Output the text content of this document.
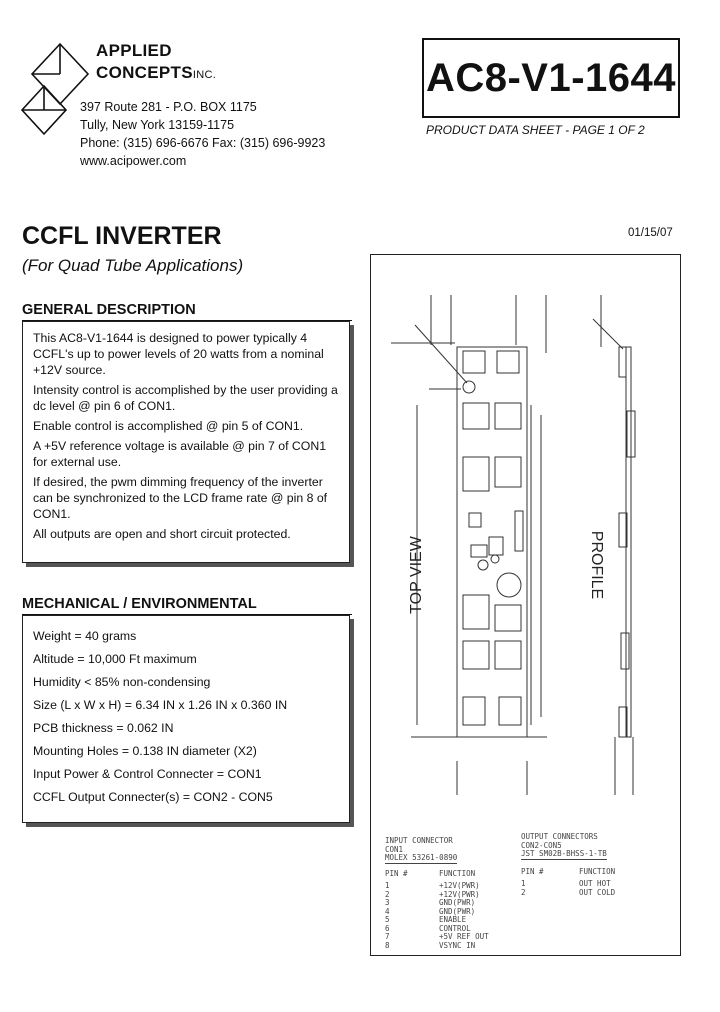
APPLIED
CONCEPTSINC.
397 Route 281 - P.O. BOX 1175
Tully, New York 13159-1175
Phone: (315) 696-6676 Fax: (315) 696-9923
www.acipower.com
AC8-V1-1644
PRODUCT DATA SHEET - PAGE 1 OF 2
CCFL INVERTER
(For Quad Tube Applications)
01/15/07
GENERAL DESCRIPTION

This AC8-V1-1644 is designed to power typically 4 CCFL's up to power levels of 20 watts from a nominal +12V source.

Intensity control is accomplished by the user providing a dc level @ pin 6 of CON1.

Enable control is accomplished @ pin 5 of CON1.

A +5V reference voltage is available @ pin 7 of CON1 for external use.

If desired, the pwm dimming frequency of the inverter can be synchronized to the LCD frame rate @ pin 8 of CON1.

All outputs are open and short circuit protected.

MECHANICAL / ENVIRONMENTAL
Weight = 40 grams
Altitude = 10,000 Ft maximum
Humidity < 85% non-condensing
Size (L x W x H) = 6.34 IN x 1.26 IN x 0.360 IN
PCB thickness = 0.062 IN
Mounting Holes = 0.138 IN diameter (X2)
Input Power & Control Connecter = CON1
CCFL Output Connecter(s) = CON2 - CON5
TOP VIEW	PROFILE
INPUT CONNECTOR
CON1
MOLEX 53261-0890
PIN #	FUNCTION
1	+12V(PWR)
2	+12V(PWR)
3	GND(PWR)
4	GND(PWR)
5	ENABLE
6	CONTROL
7	+5V REF OUT
8	VSYNC IN
OUTPUT CONNECTORS
CON2-CON5
JST SM02B-BHSS-1-TB
PIN #	FUNCTION
1	OUT HOT
2	OUT COLD
